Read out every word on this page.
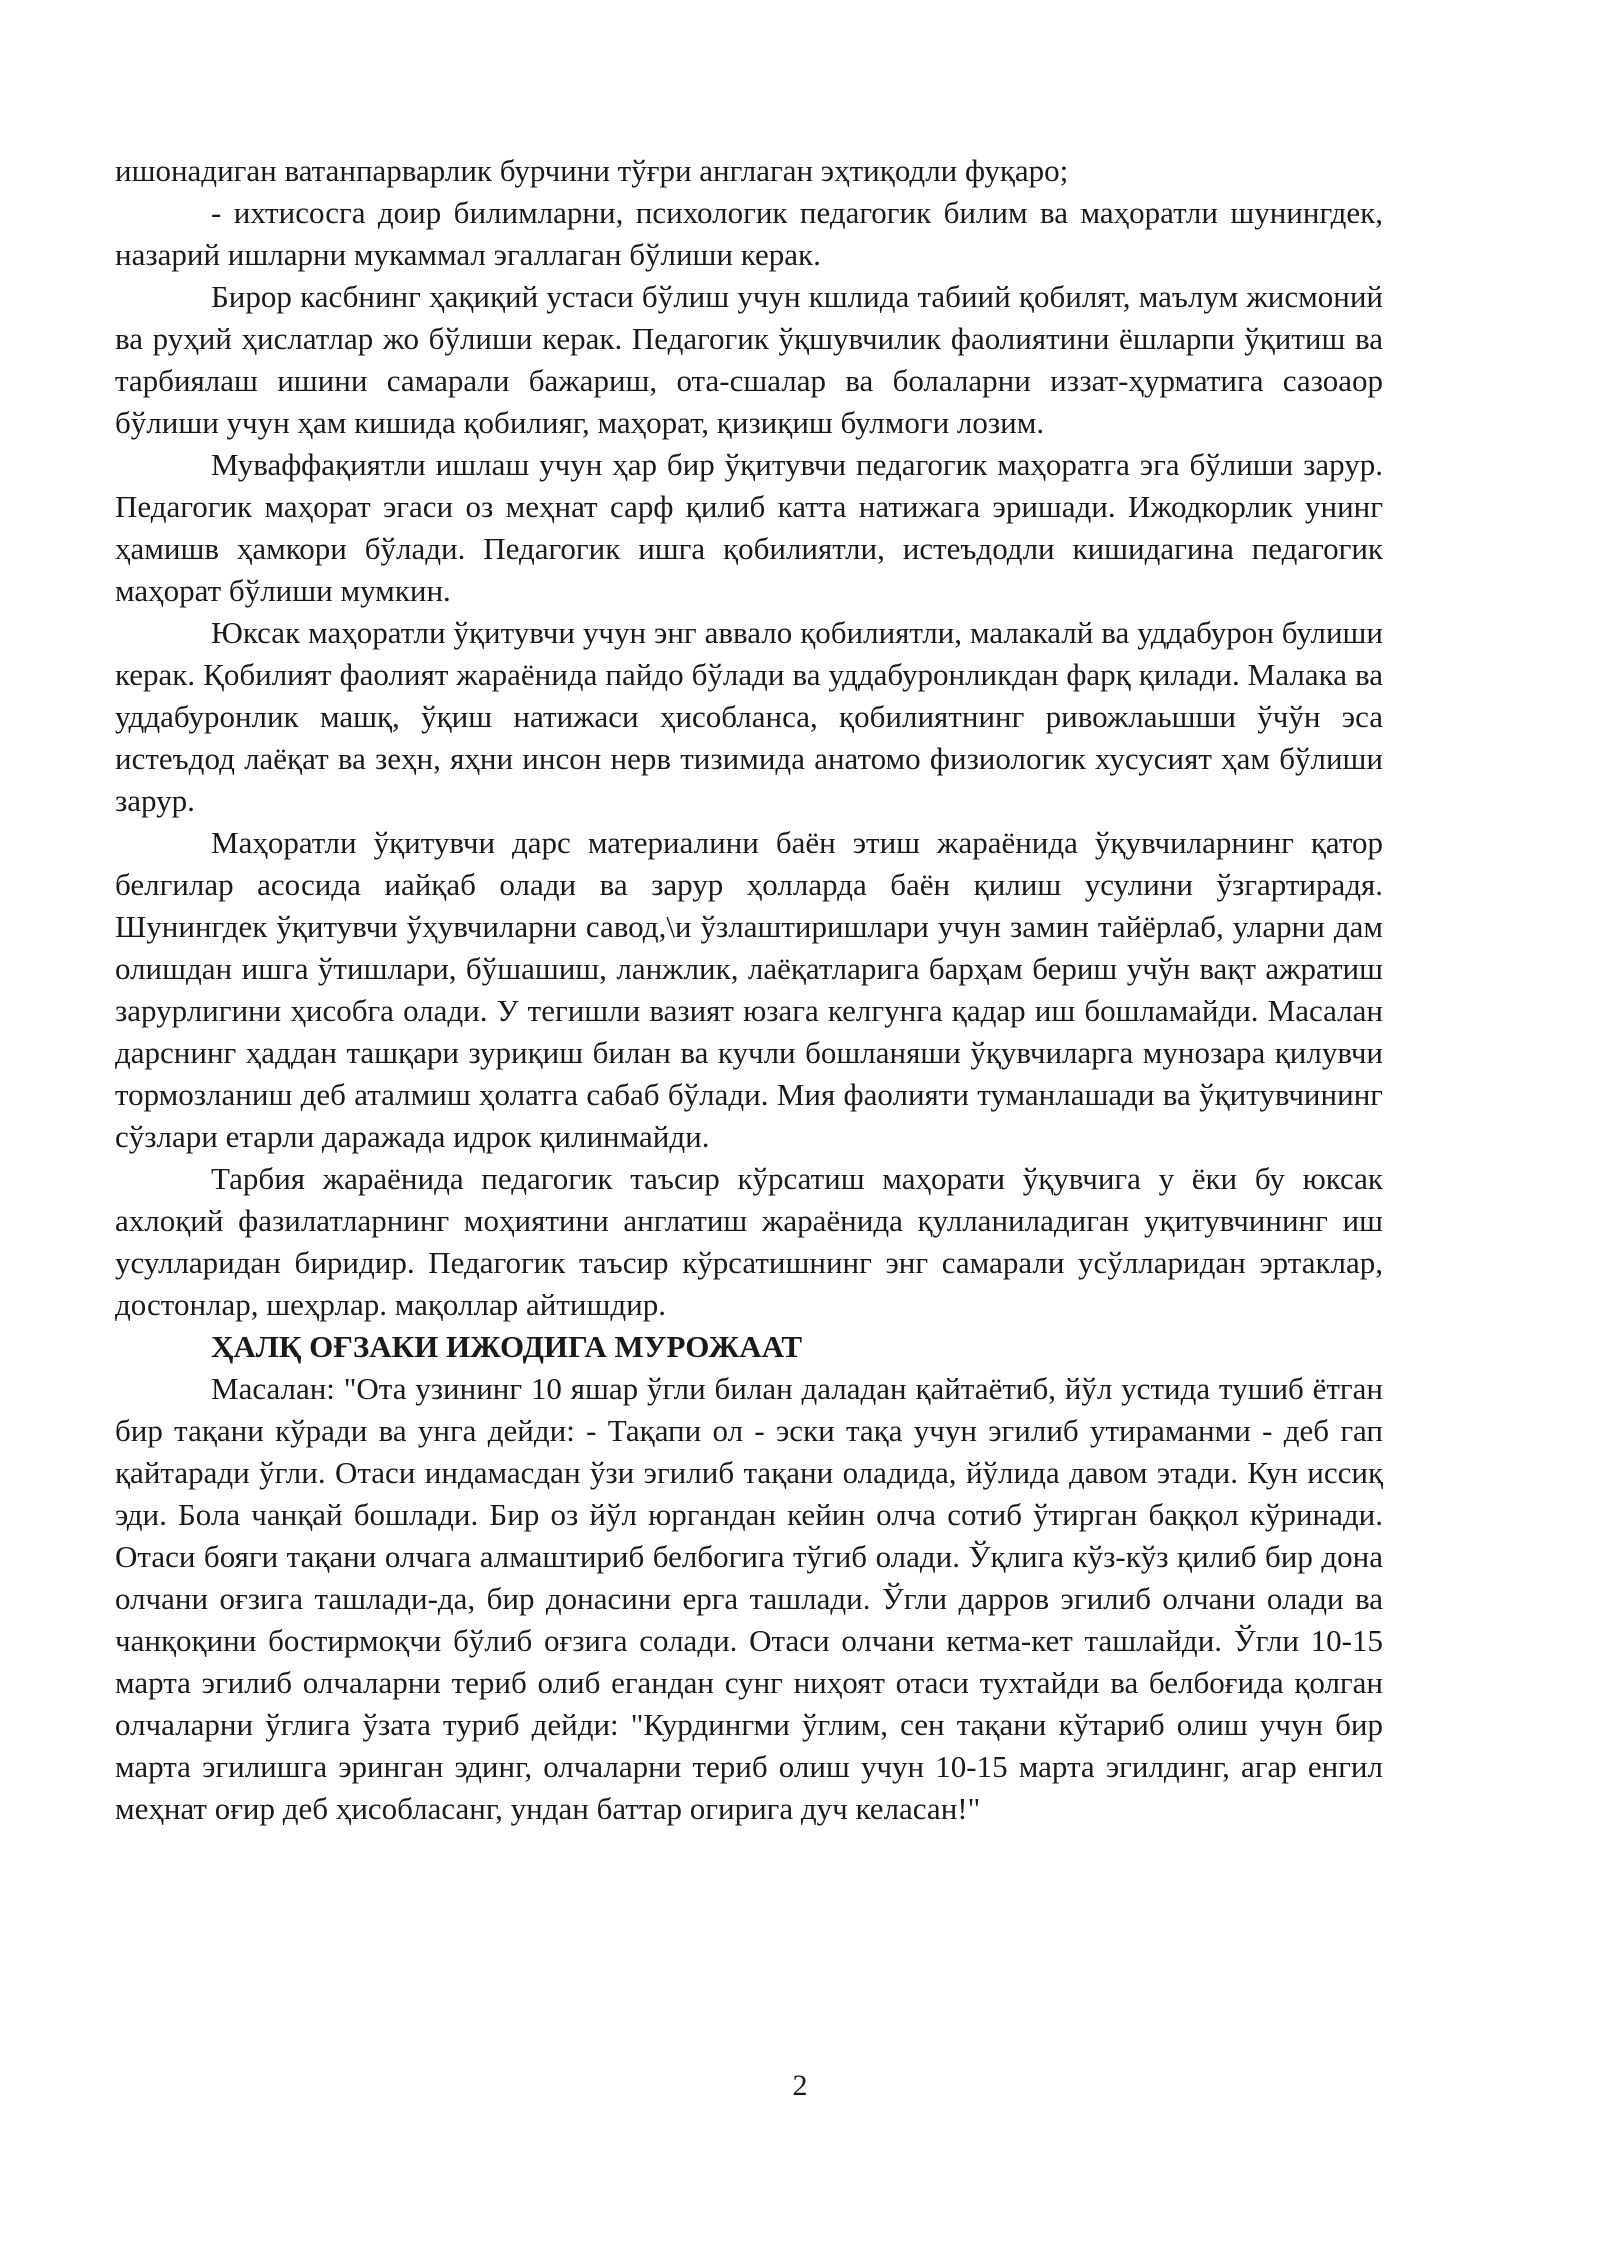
ишонадиган ватанпарварлик бурчини тўғри англаган эҳтиқодли фуқаро;

- ихтисосга доир билимларни, психологик педагогик билим ва маҳоратли шунингдек, назарий ишларни мукаммал эгаллаган бўлиши керак.

Бирор касбнинг ҳақиқий устаси бўлиш учун кшлида табиий қобилят, маълум жисмоний ва руҳий ҳислатлар жо бўлиши керак. Педагогик ўқшувчилик фаолиятини ёшларпи ўқитиш ва тарбиялаш ишини самарали бажариш, ота-сшалар ва болаларни иззат-ҳурматига сазоаор бўлиши учун ҳам кишида қобилияг, маҳорат, қизиқиш булмоги лозим.

Муваффақиятли ишлаш учун ҳар бир ўқитувчи педагогик маҳоратга эга бўлиши зарур. Педагогик маҳорат эгаси оз меҳнат сарф қилиб катта натижага эришади. Ижодкорлик унинг ҳамишв ҳамкори бўлади. Педагогик ишга қобилиятли, истеъдодли кишидагина педагогик маҳорат бўлиши мумкин.

Юксак маҳоратли ўқитувчи учун энг аввало қобилиятли, малакалй ва уддабурон булиши керак. Қобилият фаолият жараёнида пайдо бўлади ва уддабуронликдан фарқ қилади. Малака ва уддабуронлик машқ, ўқиш натижаси ҳисоблaнса, қобилиятнинг ривожлаьшши ўчўн эса истеъдод лаёқат ва зеҳн, яҳни инсон нерв тизимида анатомо физиологик хусусият ҳам бўлиши зарур.

Маҳоратли ўқитувчи дарс материалини баён этиш жараёнида ўқувчиларнинг қатор белгилар асосида иайқаб олади ва зарур ҳолларда баён қилиш усулини ўзгартирадя. Шунингдек ўқитувчи ўҳувчиларни савод,\и ўзлаштиришлари учун замин тайёрлаб, уларни дам олишдан ишга ўтишлари, бўшашиш, ланжлик, лаёқатларига барҳам бериш учўн вақт ажратиш зарурлигини ҳисобга олади. У тегишли вазият юзага келгунга қадар иш бошламайди. Масалан дарснинг ҳаддан ташқари зуриқиш билан ва кучли бошланяши ўқувчиларга мунозара қилувчи тормозланиш деб аталмиш ҳолатга сабаб бўлади. Мия фаолияти туманлашади ва ўқитувчининг сўзлари етарли даражада идрок қилинмайди.

Тарбия жараёнида педагогик таъсир кўрсатиш маҳорати ўқувчига у ёки бу юксак ахлоқий фазилатларнинг моҳиятини англатиш жараёнида қулланиладиган уқитувчининг иш усулларидан биридир. Педагогик таъсир кўрсатишнинг энг самарали усўлларидан эртаклар, достонлар, шеҳрлар. мақоллар айтишдир.

ҲАЛҚ ОҒЗАКИ ИЖОДИГА МУРОЖААТ

Масалан: "Ота узининг 10 яшар ўгли билан даладан қайтаётиб, йўл устида тушиб ётган бир тақани кўради ва унга дейди: - Тақапи ол - эски тақа учун эгилиб утираманми - деб гап қайтаради ўгли. Отаси индамасдан ўзи эгилиб тақани оладида, йўлида давом этади. Кун иссиқ эди. Бола чанқай бошлади. Бир оз йўл юргандан кейин олча сотиб ўтирган баққол кўринади. Отаси бояги тақани олчага алмаштириб белбогига тўгиб олади. Ўқлига кўз-кўз қилиб бир дона олчани оғзига ташлади-да, бир донасини ерга ташлади. Ўгли дарров эгилиб олчани олади ва чанқоқини бостирмоқчи бўлиб оғзига солади. Отаси олчани кетма-кет ташлайди. Ўгли 10-15 марта эгилиб олчаларни териб олиб егандан сунг ниҳоят отаси тухтайди ва белбоғида қолган олчаларни ўглига ўзата туриб дейди: "Курдингми ўглим, сен тақани кўтариб олиш учун бир марта эгилишга эринган эдинг, олчаларни териб олиш учун 10-15 марта эгилдинг, агар енгил меҳнат оғир деб ҳисобласанг, ундан баттар огирига дуч келасан!"

2
